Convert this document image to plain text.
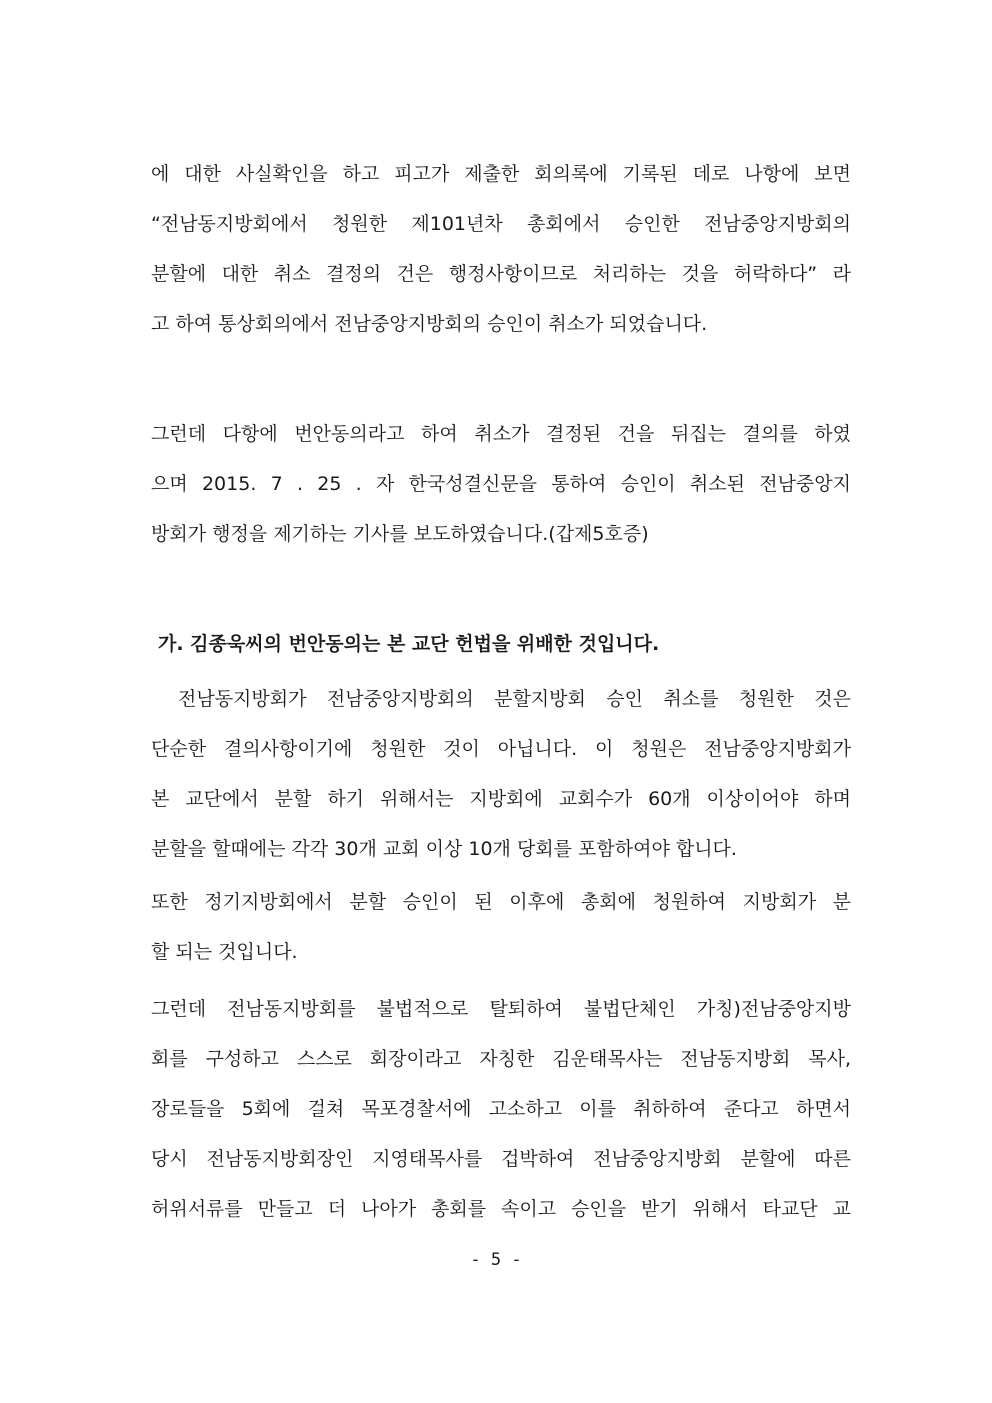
에 대한 사실확인을 하고 피고가 제출한 회의록에 기록된 데로 나항에 보면
“전남동지방회에서 청원한 제101년차 총회에서 승인한 전남중앙지방회의
분할에 대한 취소 결정의 건은 행정사항이므로 처리하는 것을 허락하다” 라
고 하여 통상회의에서 전남중앙지방회의 승인이 취소가 되었습니다.
그런데 다항에 번안동의라고 하여 취소가 결정된 건을 뒤집는 결의를 하였
으며 2015. 7 . 25 . 자 한국성결신문을 통하여 승인이 취소된 전남중앙지
방회가 행정을 제기하는 기사를 보도하였습니다.(갑제5호증)
가. 김종욱씨의 번안동의는 본 교단 헌법을 위배한 것입니다.
전남동지방회가 전남중앙지방회의 분할지방회 승인 취소를 청원한 것은
단순한 결의사항이기에 청원한 것이 아닙니다. 이 청원은 전남중앙지방회가
본 교단에서 분할 하기 위해서는 지방회에 교회수가 60개 이상이어야 하며
분할을 할때에는 각각 30개 교회 이상 10개 당회를 포함하여야 합니다.
또한 정기지방회에서 분할 승인이 된 이후에 총회에 청원하여 지방회가 분
할 되는 것입니다.
그런데 전남동지방회를 불법적으로 탈퇴하여 불법단체인 가칭)전남중앙지방
회를 구성하고 스스로 회장이라고 자칭한 김운태목사는 전남동지방회 목사,
장로들을 5회에 걸쳐 목포경찰서에 고소하고 이를 취하하여 준다고 하면서
당시 전남동지방회장인 지영태목사를 겁박하여 전남중앙지방회 분할에 따른
허위서류를 만들고 더 나아가 총회를 속이고 승인을 받기 위해서 타교단 교
- 5 -
